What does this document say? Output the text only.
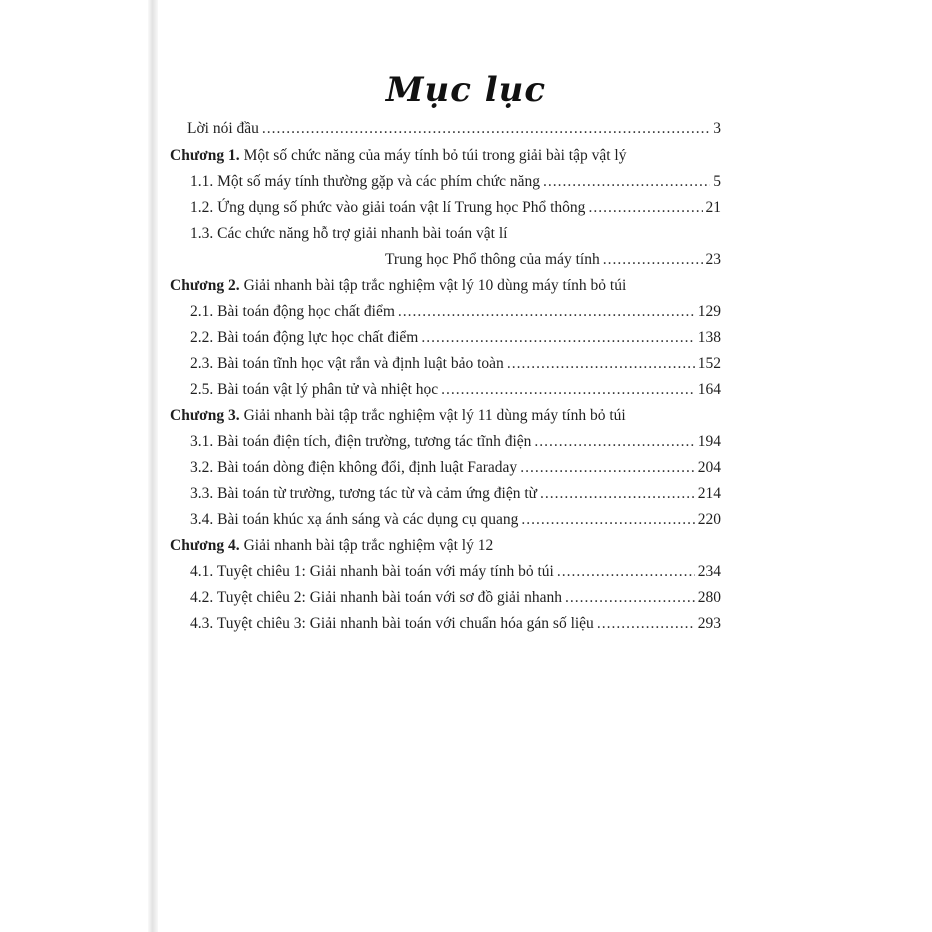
Mục lục
Lời nói đầu .....	3
Chương 1. Một số chức năng của máy tính bỏ túi trong giải bài tập vật lý
1.1. Một số máy tính thường gặp và các phím chức năng .....	5
1.2. Ứng dụng số phức vào giải toán vật lí Trung học Phổ thông .....	21
1.3. Các chức năng hỗ trợ giải nhanh bài toán vật lí
Trung học Phổ thông của máy tính .....	23
Chương 2. Giải nhanh bài tập trắc nghiệm vật lý 10 dùng máy tính bỏ túi
2.1. Bài toán động học chất điểm .....	129
2.2. Bài toán động lực học chất điểm .....	138
2.3. Bài toán tĩnh học vật rắn và định luật bảo toàn .....	152
2.5. Bài toán vật lý phân tử và nhiệt học .....	164
Chương 3. Giải nhanh bài tập trắc nghiệm vật lý 11 dùng máy tính bỏ túi
3.1. Bài toán điện tích, điện trường, tương tác tĩnh điện .....	194
3.2. Bài toán dòng điện không đổi, định luật Faraday .....	204
3.3. Bài toán từ trường, tương tác từ và cảm ứng điện từ .....	214
3.4. Bài toán khúc xạ ánh sáng và các dụng cụ quang .....	220
Chương 4. Giải nhanh bài tập trắc nghiệm vật lý 12
4.1. Tuyệt chiêu 1: Giải nhanh bài toán với máy tính bỏ túi .....	234
4.2. Tuyệt chiêu 2: Giải nhanh bài toán với sơ đồ giải nhanh .....	280
4.3. Tuyệt chiêu 3: Giải nhanh bài toán với chuẩn hóa gán số liệu .....	293
